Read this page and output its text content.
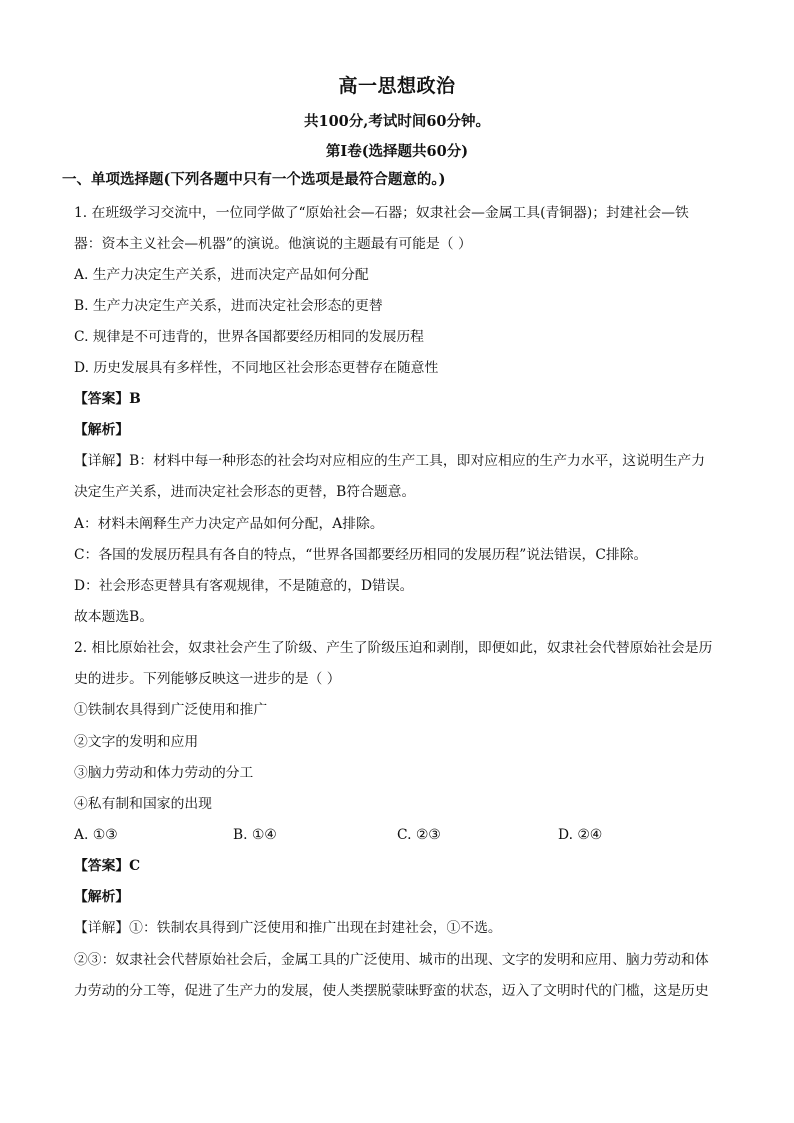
高一思想政治
共100分,考试时间60分钟。
第Ⅰ卷(选择题共60分)
一、单项选择题(下列各题中只有一个选项是最符合题意的。)
1. 在班级学习交流中，一位同学做了“原始社会—石器；奴隶社会—金属工具(青铜器)；封建社会—铁
器：资本主义社会—机器”的演说。他演说的主题最有可能是（ ）
A. 生产力决定生产关系，进而决定产品如何分配
B. 生产力决定生产关系，进而决定社会形态的更替
C. 规律是不可违背的，世界各国都要经历相同的发展历程
D. 历史发展具有多样性，不同地区社会形态更替存在随意性
【答案】B
【解析】
【详解】B：材料中每一种形态的社会均对应相应的生产工具，即对应相应的生产力水平，这说明生产力
决定生产关系，进而决定社会形态的更替，B符合题意。
A：材料未阐释生产力决定产品如何分配，A排除。
C：各国的发展历程具有各自的特点，“世界各国都要经历相同的发展历程”说法错误，C排除。
D：社会形态更替具有客观规律，不是随意的，D错误。
故本题选B。
2. 相比原始社会，奴隶社会产生了阶级、产生了阶级压迫和剥削，即便如此，奴隶社会代替原始社会是历
史的进步。下列能够反映这一进步的是（ ）
①铁制农具得到广泛使用和推广
②文字的发明和应用
③脑力劳动和体力劳动的分工
④私有制和国家的出现
A. ①③	B. ①④	C. ②③	D. ②④
【答案】C
【解析】
【详解】①：铁制农具得到广泛使用和推广出现在封建社会，①不选。
②③：奴隶社会代替原始社会后，金属工具的广泛使用、城市的出现、文字的发明和应用、脑力劳动和体
力劳动的分工等，促进了生产力的发展，使人类摆脱蒙昧野蛮的状态，迈入了文明时代的门槛，这是历史
